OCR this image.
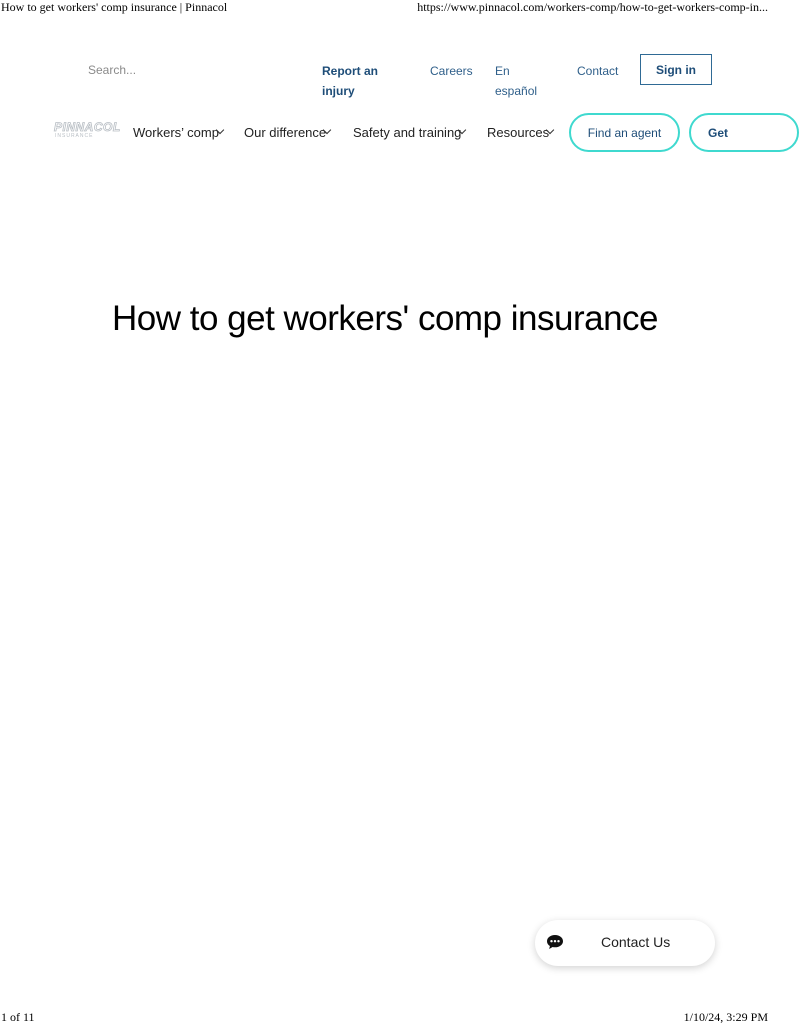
How to get workers' comp insurance | Pinnacol	https://www.pinnacol.com/workers-comp/how-to-get-workers-comp-in...
Search...
Report an injury
Careers En español
Contact	Sign in
PINNACOL
INSURANCE	Workers’ comp Our difference Safety and training Resources	Find an agent	Get
How to get workers' comp insurance
Contact Us
1 of 11	1/10/24, 3:29 PM
